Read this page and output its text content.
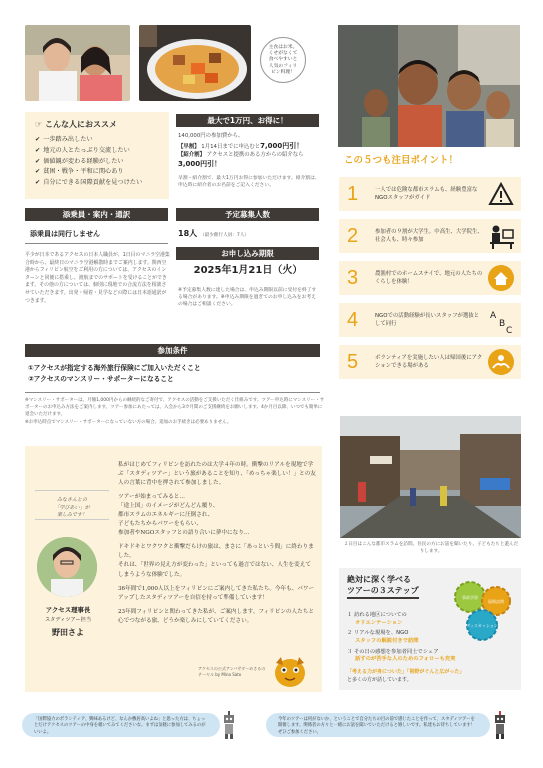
主食はお米。
くせがなくて
食べやすいと
人気のフィリ
ピン料理！
☞ こんな人におススメ
✔ 一歩踏み出したい
✔ 地元の人とたっぷり交流したい
✔ 価値観が変わる経験がしたい
✔ 貧困・戦争・平和に関心あり
✔ 自分にできる国際貢献を見つけたい
最大で1万円、お得に！
140,000円の参加費から、
【早割】 1月14日までに申込むと7,000円引！
【紹介割】 アクセスと提携のある方からの紹介なら 3,000円引！
早割・紹介割で、最大1万円お得に参加いただけます。紹介割は、申込時に紹介者のお名前をご記入ください。
この５つも注目ポイント！
1	一人では危険な都市スラムも、経験豊富なNGOスタッフがガイド
2	参加者の９割が大学生。中高生、大学院生、社会人も、時々参加
3	農漁村でのホームステイで、地元の人たちのくらしを体験！
4	NGOでの活動経験が長いスタッフが選抜として同行
A
B
C
5	ボランティアを実施したい人は帰国後にアクションできる場がある
添乗員・案内・通訳
添乗員は同行しません
平少が日本であるアクセスの日本人職員が、1日目のマニラ空港集合時から、最終日のマニラ空港解散時までご案内します。関西空港からフィリピン航空をご利用の方については、アクセスのインターンと同便に搭乗し、渡航までのサポートを受けることができます。その他の方については、個別に現地での合流方法を相談させていただきます。出発・帰着・見学などの際には日本語通訳がつきます。
予定募集人数
18人 （最少催行人員：7人）
お申し込み期限
2025年1月21日（火）
※予定募集人数に達した場合は、申込み期限以前に受付を終了する場合があります。※申込み期限を過ぎてのお申し込みをお考えの場合はご相談ください。
参加条件
①アクセスが指定する海外旅行保険にご加入いただくこと
②アクセスのマンスリー・サポーターになること
※マンスリー・サポーターは、月額1,000円からの継続的なご寄付で、アクセスの活動をご支援いただく仕組みです。ツアー申込時にマンスリー・サポーターのお申込み方法をご案内します。ツアー参加にあたっては、入会から3カ月間のご支援継続をお願いします。4か月目以降、いつでも簡単に退会いただけます。
※お申込時点でマンスリー・サポーターになっていない方の場合、追加のお手続きは必要ありません。
みなさんとの
「学びあい」が
楽しみです！
アクセス理事長
スタディツアー担当
野田さよ

私がはじめてフィリピンを訪れたのは大学４年の時。衝撃のリアルを現地で学ぶ「スタディツアー」という旅があることを知り、「めっちゃ楽しい！」との友人の言葉に背中を押されて参加しました。

ツアーが始まってみると…
「途上国」のイメージがどんどん覆り、
都市スラムのエネルギーに圧倒され、
子どもたちからパワーをもらい、
参加者やNGOスタッフとの語り合いに夢中になり…

ドキドキとワクワクと衝撃だらけの旅は、まさに「あっという間」に終わりました。
それは、「世界の見え方が変わった」といっても過言ではない、人生を変えてしまうような体験でした。

36年間で1,000人以上をフィリピンにご案内してきた私たち。今年も、パワーアップしたスタディツアーを自信を持って準備しています！

23年間フィリピンと関わってきた私が、ご案内します。フィリピンの人たちと心でつながる旅、どうか楽しみにしていてください。

アクセスの公式アンバサダーめさるのテーヤル by Mina Sato
２日目はこんな都市スラムを訪問。住民の方にお話を聞いたり、子どもたちと遊んだりします。
絶対に深く学べる
ツアーの３ステップ
１ 訪れる地区についての
オリエンテーション
２ リアルな現場を、NGO
スタッフの解説付きで訪問
３ その日の感想を参加者同士でシェア
話すのが苦手な人のためのフォローも充実
事前学習
現場訪問
ディスカッション
「考える力が身についた」「視野がぐんと広がった」
と多くの方が話しています。
「国際協力のボランティア、興味あるけど、なんか敷居高いよね」と思った方は、ちょっとだけアクセスのツアーの中身を覗いてみてくださいな。まずは気軽に参加してみるのがいいよ。
今年のツアーは何がないか、ということで自分たちの目の前で感じたことを作って、スタディツアーを開催します。関係者の方々と一緒にお話を聞いていただけると嬉しいです。私達もお待ちしています！ぜひご参加ください。
